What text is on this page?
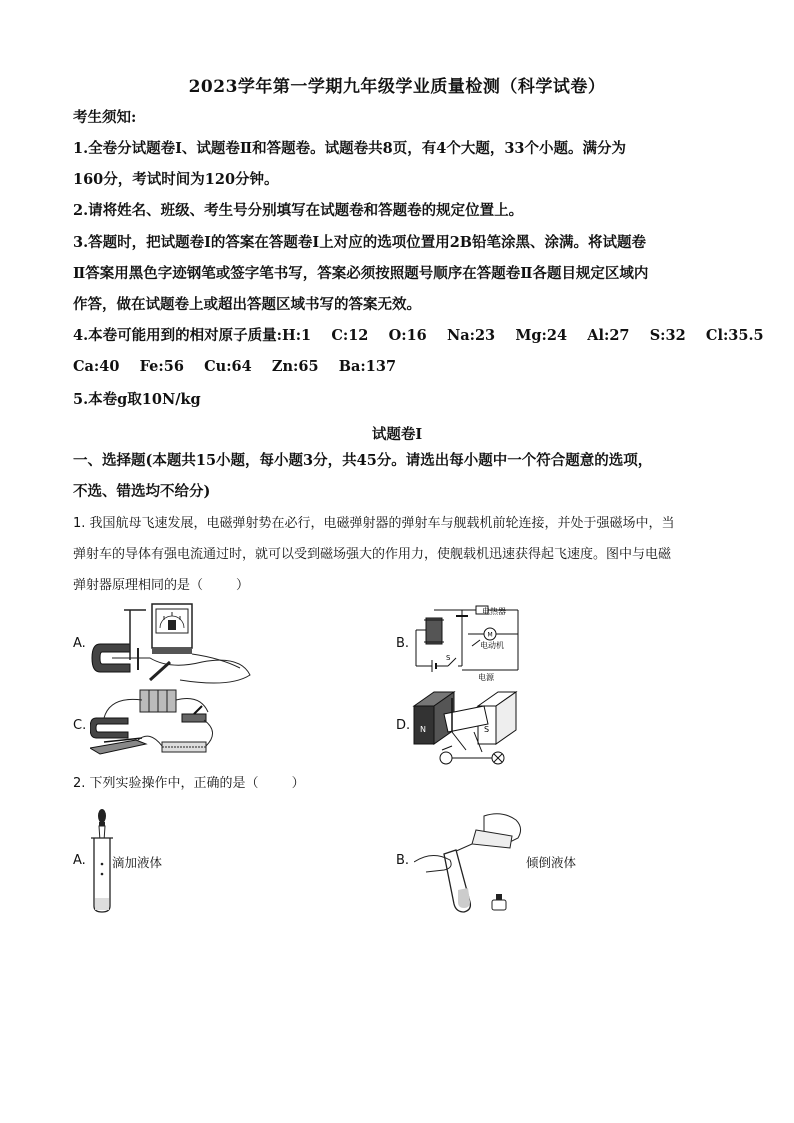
2023学年第一学期九年级学业质量检测（科学试卷）
考生须知:
1.全卷分试题卷Ⅰ、试题卷Ⅱ和答题卷。试题卷共8页，有4个大题，33个小题。满分为
160分，考试时间为120分钟。
2.请将姓名、班级、考生号分别填写在试题卷和答题卷的规定位置上。
3.答题时，把试题卷Ⅰ的答案在答题卷Ⅰ上对应的选项位置用2B铅笔涂黑、涂满。将试题卷
Ⅱ答案用黑色字迹钢笔或签字笔书写，答案必须按照题号顺序在答题卷Ⅱ各题目规定区域内
作答，做在试题卷上或超出答题区域书写的答案无效。
4.本卷可能用到的相对原子质量:H:1    C:12    O:16    Na:23    Mg:24    Al:27    S:32    Cl:35.5
Ca:40    Fe:56    Cu:64    Zn:65    Ba:137
5.本卷g取10N/kg
试题卷Ⅰ
一、选择题(本题共15小题，每小题3分，共45分。请选出每小题中一个符合题意的选项，
不选、错选均不给分)
1. 我国航母飞速发展，电磁弹射势在必行，电磁弹射器的弹射车与舰载机前轮连接，并处于强磁场中，当
弹射车的导体有强电流通过时，就可以受到磁场强大的作用力，使舰载机迅速获得起飞速度。图中与电磁
弹射器原理相同的是（        ）
A.	B.
电热器
M
电动机
S
电源
C.	D. N	S
2. 下列实验操作中，正确的是（        ）
A. 滴加液体	B.	倾倒液体
